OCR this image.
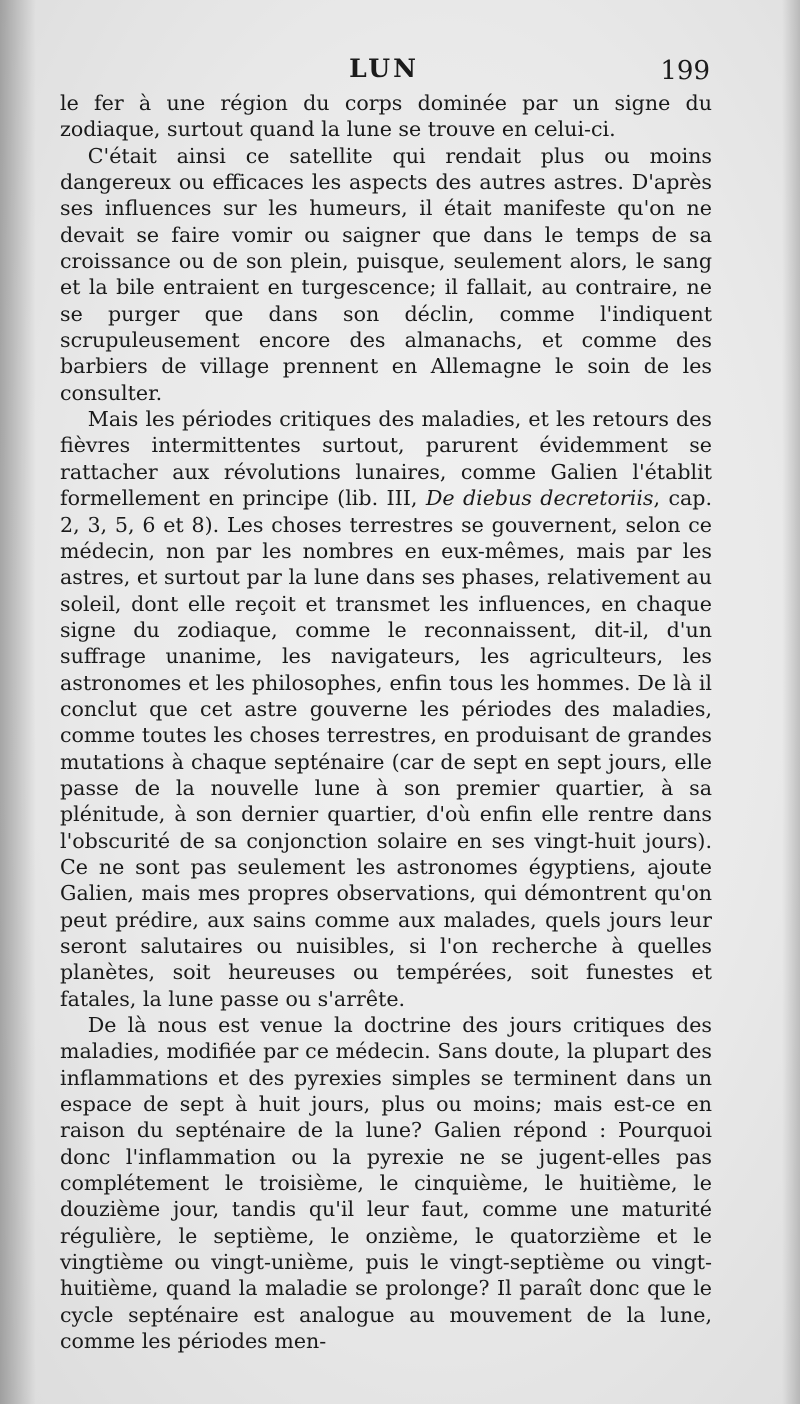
LUN	199

le fer à une région du corps dominée par un signe du zodiaque, surtout quand la lune se trouve en celui-ci.

C'était ainsi ce satellite qui rendait plus ou moins dangereux ou efficaces les aspects des autres astres. D'après ses influences sur les humeurs, il était manifeste qu'on ne devait se faire vomir ou saigner que dans le temps de sa croissance ou de son plein, puisque, seulement alors, le sang et la bile entraient en turgescence; il fallait, au contraire, ne se purger que dans son déclin, comme l'indiquent scrupuleusement encore des almanachs, et comme des barbiers de village prennent en Allemagne le soin de les consulter.

Mais les périodes critiques des maladies, et les retours des fièvres intermittentes surtout, parurent évidemment se rattacher aux révolutions lunaires, comme Galien l'établit formellement en principe (lib. III, De diebus decretoriis, cap. 2, 3, 5, 6 et 8). Les choses terrestres se gouvernent, selon ce médecin, non par les nombres en eux-mêmes, mais par les astres, et surtout par la lune dans ses phases, relativement au soleil, dont elle reçoit et transmet les influences, en chaque signe du zodiaque, comme le reconnaissent, dit-il, d'un suffrage unanime, les navigateurs, les agriculteurs, les astronomes et les philosophes, enfin tous les hommes. De là il conclut que cet astre gouverne les périodes des maladies, comme toutes les choses terrestres, en produisant de grandes mutations à chaque septénaire (car de sept en sept jours, elle passe de la nouvelle lune à son premier quartier, à sa plénitude, à son dernier quartier, d'où enfin elle rentre dans l'obscurité de sa conjonction solaire en ses vingt-huit jours). Ce ne sont pas seulement les astronomes égyptiens, ajoute Galien, mais mes propres observations, qui démontrent qu'on peut prédire, aux sains comme aux malades, quels jours leur seront salutaires ou nuisibles, si l'on recherche à quelles planètes, soit heureuses ou tempérées, soit funestes et fatales, la lune passe ou s'arrête.

De là nous est venue la doctrine des jours critiques des maladies, modifiée par ce médecin. Sans doute, la plupart des inflammations et des pyrexies simples se terminent dans un espace de sept à huit jours, plus ou moins; mais est-ce en raison du septénaire de la lune? Galien répond : Pourquoi donc l'inflammation ou la pyrexie ne se jugent-elles pas complétement le troisième, le cinquième, le huitième, le douzième jour, tandis qu'il leur faut, comme une maturité régulière, le septième, le onzième, le quatorzième et le vingtième ou vingt-unième, puis le vingt-septième ou vingt-huitième, quand la maladie se prolonge? Il paraît donc que le cycle septénaire est analogue au mouvement de la lune, comme les périodes men-
